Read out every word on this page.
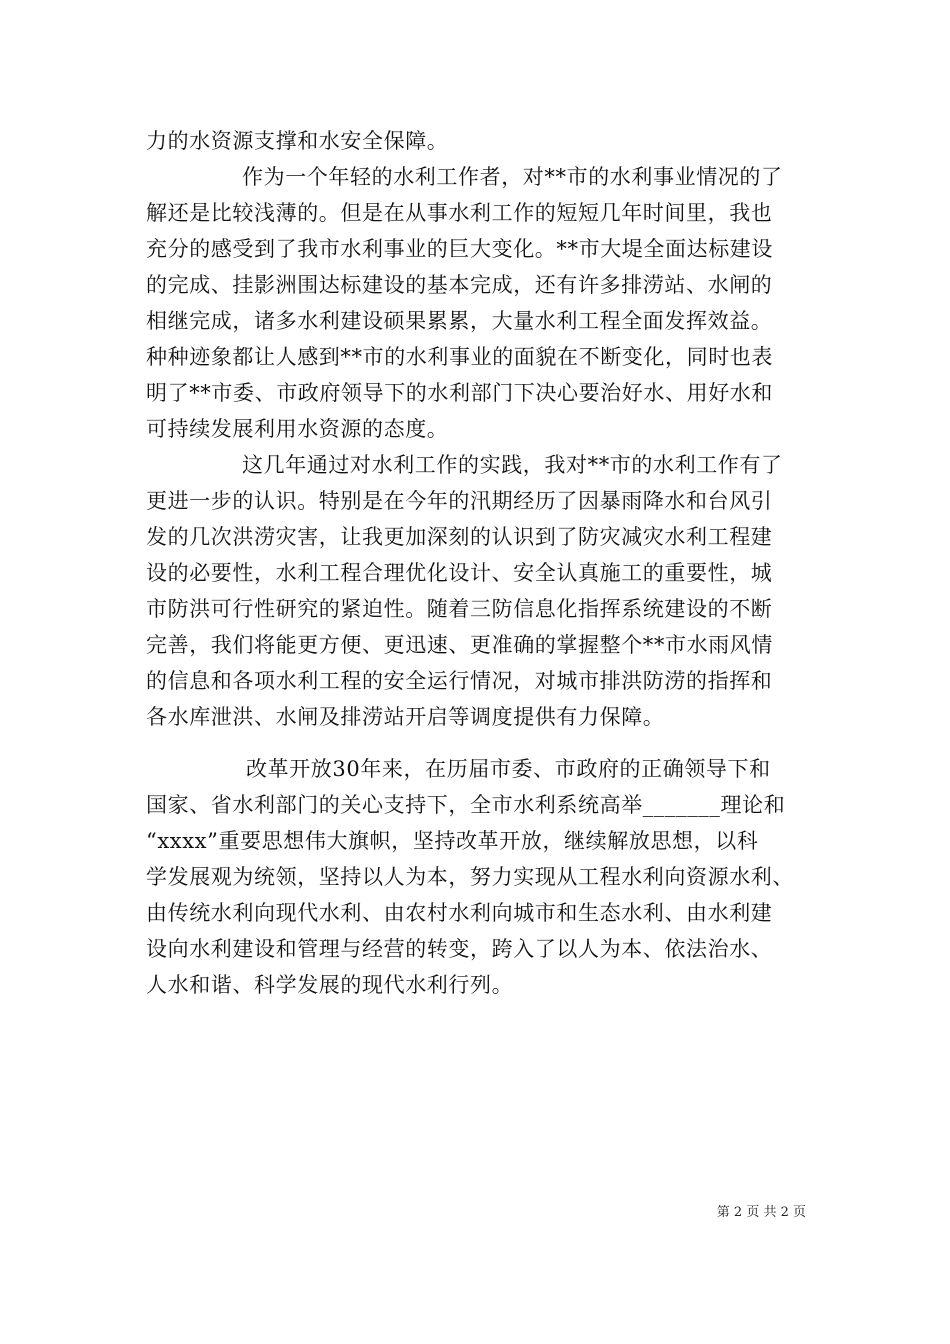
力的水资源支撑和水安全保障。
作为一个年轻的水利工作者，对**市的水利事业情况的了
解还是比较浅薄的。但是在从事水利工作的短短几年时间里，我也
充分的感受到了我市水利事业的巨大变化。**市大堤全面达标建设
的完成、挂影洲围达标建设的基本完成，还有许多排涝站、水闸的
相继完成，诸多水利建设硕果累累，大量水利工程全面发挥效益。
种种迹象都让人感到**市的水利事业的面貌在不断变化，同时也表
明了**市委、市政府领导下的水利部门下决心要治好水、用好水和
可持续发展利用水资源的态度。
这几年通过对水利工作的实践，我对**市的水利工作有了
更进一步的认识。特别是在今年的汛期经历了因暴雨降水和台风引
发的几次洪涝灾害，让我更加深刻的认识到了防灾减灾水利工程建
设的必要性，水利工程合理优化设计、安全认真施工的重要性，城
市防洪可行性研究的紧迫性。随着三防信息化指挥系统建设的不断
完善，我们将能更方便、更迅速、更准确的掌握整个**市水雨风情
的信息和各项水利工程的安全运行情况，对城市排洪防涝的指挥和
各水库泄洪、水闸及排涝站开启等调度提供有力保障。
改革开放30年来，在历届市委、市政府的正确领导下和
国家、省水利部门的关心支持下，全市水利系统高举_______理论和
“xxxx”重要思想伟大旗帜，坚持改革开放，继续解放思想，以科
学发展观为统领，坚持以人为本，努力实现从工程水利向资源水利、
由传统水利向现代水利、由农村水利向城市和生态水利、由水利建
设向水利建设和管理与经营的转变，跨入了以人为本、依法治水、
人水和谐、科学发展的现代水利行列。
第 2 页 共 2 页
